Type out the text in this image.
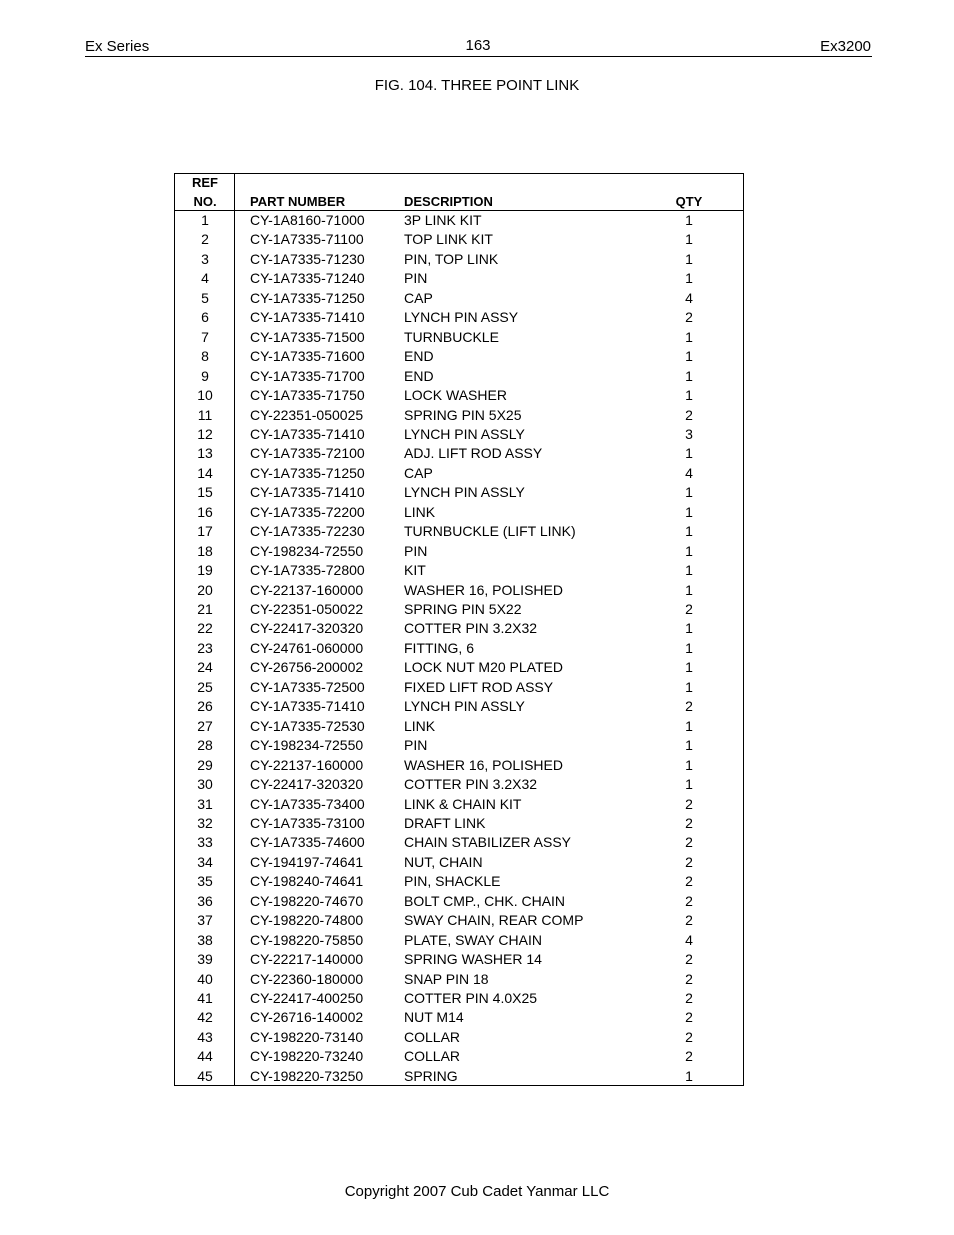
Ex Series	163	Ex3200
FIG. 104. THREE POINT LINK
REF
NO.	PART NUMBER	DESCRIPTION	QTY
1	CY-1A8160-71000	3P LINK KIT	1
2	CY-1A7335-71100	TOP LINK KIT	1
3	CY-1A7335-71230	PIN, TOP LINK	1
4	CY-1A7335-71240	PIN	1
5	CY-1A7335-71250	CAP	4
6	CY-1A7335-71410	LYNCH PIN ASSY	2
7	CY-1A7335-71500	TURNBUCKLE	1
8	CY-1A7335-71600	END	1
9	CY-1A7335-71700	END	1
10	CY-1A7335-71750	LOCK WASHER	1
11	CY-22351-050025	SPRING PIN 5X25	2
12	CY-1A7335-71410	LYNCH PIN ASSLY	3
13	CY-1A7335-72100	ADJ. LIFT ROD ASSY	1
14	CY-1A7335-71250	CAP	4
15	CY-1A7335-71410	LYNCH PIN ASSLY	1
16	CY-1A7335-72200	LINK	1
17	CY-1A7335-72230	TURNBUCKLE (LIFT LINK)	1
18	CY-198234-72550	PIN	1
19	CY-1A7335-72800	KIT	1
20	CY-22137-160000	WASHER 16, POLISHED	1
21	CY-22351-050022	SPRING PIN 5X22	2
22	CY-22417-320320	COTTER PIN 3.2X32	1
23	CY-24761-060000	FITTING, 6	1
24	CY-26756-200002	LOCK NUT M20 PLATED	1
25	CY-1A7335-72500	FIXED LIFT ROD ASSY	1
26	CY-1A7335-71410	LYNCH PIN ASSLY	2
27	CY-1A7335-72530	LINK	1
28	CY-198234-72550	PIN	1
29	CY-22137-160000	WASHER 16, POLISHED	1
30	CY-22417-320320	COTTER PIN 3.2X32	1
31	CY-1A7335-73400	LINK & CHAIN KIT	2
32	CY-1A7335-73100	DRAFT LINK	2
33	CY-1A7335-74600	CHAIN STABILIZER ASSY	2
34	CY-194197-74641	NUT, CHAIN	2
35	CY-198240-74641	PIN, SHACKLE	2
36	CY-198220-74670	BOLT CMP., CHK. CHAIN	2
37	CY-198220-74800	SWAY CHAIN, REAR COMP	2
38	CY-198220-75850	PLATE, SWAY CHAIN	4
39	CY-22217-140000	SPRING WASHER 14	2
40	CY-22360-180000	SNAP PIN 18	2
41	CY-22417-400250	COTTER PIN 4.0X25	2
42	CY-26716-140002	NUT M14	2
43	CY-198220-73140	COLLAR	2
44	CY-198220-73240	COLLAR	2
45	CY-198220-73250	SPRING	1
Copyright 2007 Cub Cadet Yanmar LLC
